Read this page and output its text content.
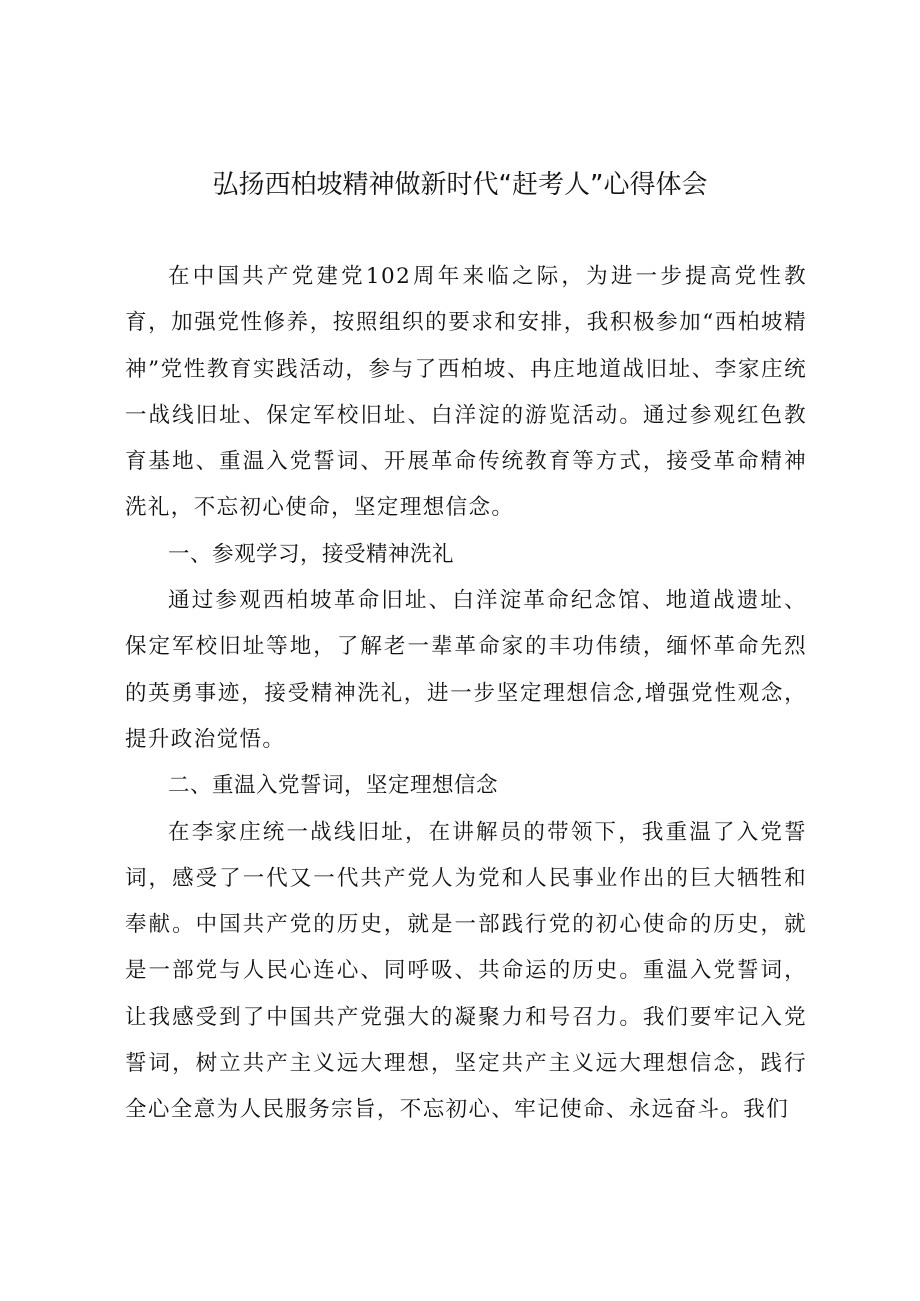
弘扬西柏坡精神做新时代“赶考人”心得体会

在中国共产党建党102周年来临之际，为进一步提高党性教育，加强党性修养，按照组织的要求和安排，我积极参加“西柏坡精神”党性教育实践活动，参与了西柏坡、冉庄地道战旧址、李家庄统一战线旧址、保定军校旧址、白洋淀的游览活动。通过参观红色教育基地、重温入党誓词、开展革命传统教育等方式，接受革命精神洗礼，不忘初心使命，坚定理想信念。

一、参观学习，接受精神洗礼

通过参观西柏坡革命旧址、白洋淀革命纪念馆、地道战遗址、保定军校旧址等地，了解老一辈革命家的丰功伟绩，缅怀革命先烈的英勇事迹，接受精神洗礼，进一步坚定理想信念,增强党性观念，提升政治觉悟。

二、重温入党誓词，坚定理想信念

在李家庄统一战线旧址，在讲解员的带领下，我重温了入党誓词，感受了一代又一代共产党人为党和人民事业作出的巨大牺牲和奉献。中国共产党的历史，就是一部践行党的初心使命的历史，就是一部党与人民心连心、同呼吸、共命运的历史。重温入党誓词，让我感受到了中国共产党强大的凝聚力和号召力。我们要牢记入党誓词，树立共产主义远大理想，坚定共产主义远大理想信念，践行全心全意为人民服务宗旨，不忘初心、牢记使命、永远奋斗。我们
